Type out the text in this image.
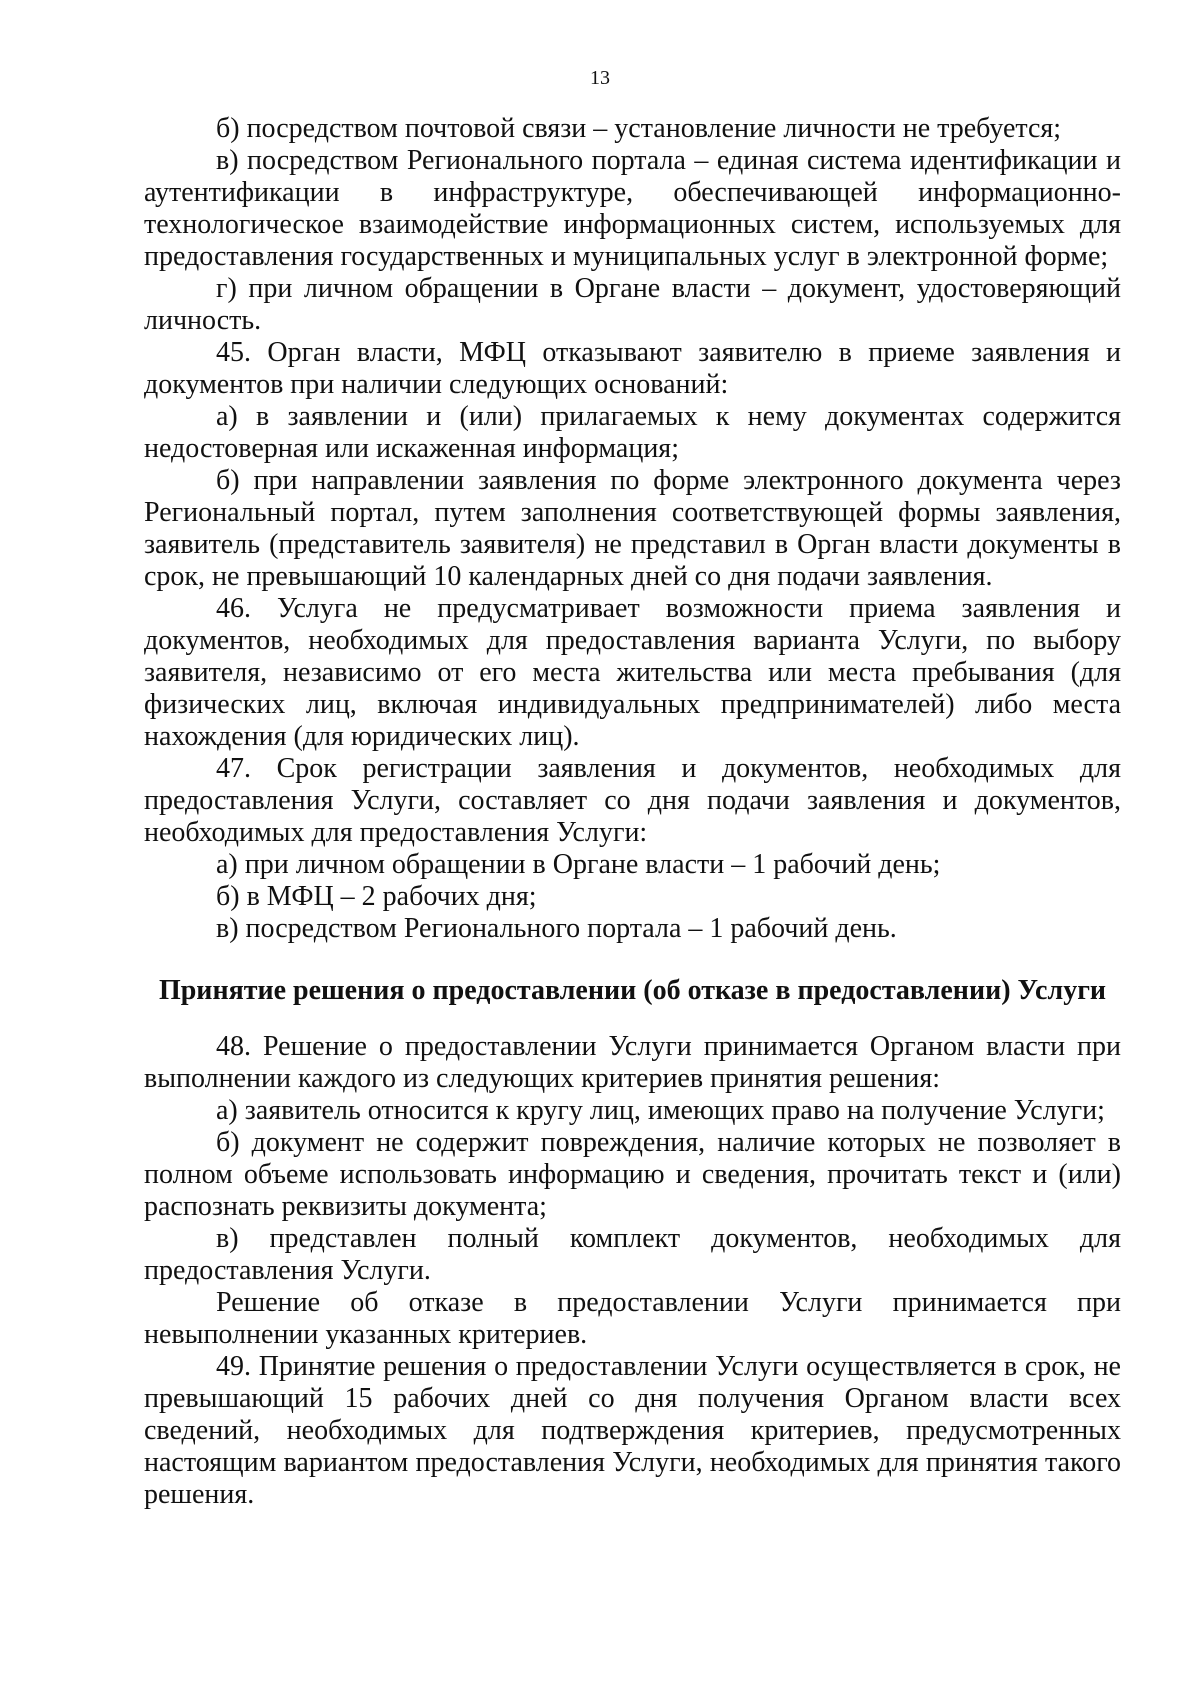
13

б) посредством почтовой связи – установление личности не требуется;

в) посредством Регионального портала – единая система идентификации и аутентификации в инфраструктуре, обеспечивающей информационно-технологическое взаимодействие информационных систем, используемых для предоставления государственных и муниципальных услуг в электронной форме;

г) при личном обращении в Органе власти – документ, удостоверяющий личность.

45. Орган власти, МФЦ отказывают заявителю в приеме заявления и документов при наличии следующих оснований:

а) в заявлении и (или) прилагаемых к нему документах содержится недостоверная или искаженная информация;

б) при направлении заявления по форме электронного документа через Региональный портал, путем заполнения соответствующей формы заявления, заявитель (представитель заявителя) не представил в Орган власти документы в срок, не превышающий 10 календарных дней со дня подачи заявления.

46. Услуга не предусматривает возможности приема заявления и документов, необходимых для предоставления варианта Услуги, по выбору заявителя, независимо от его места жительства или места пребывания (для физических лиц, включая индивидуальных предпринимателей) либо места нахождения (для юридических лиц).

47. Срок регистрации заявления и документов, необходимых для предоставления Услуги, составляет со дня подачи заявления и документов, необходимых для предоставления Услуги:

а) при личном обращении в Органе власти – 1 рабочий день;

б) в МФЦ – 2 рабочих дня;

в) посредством Регионального портала – 1 рабочий день.

Принятие решения о предоставлении (об отказе в предоставлении) Услуги

48. Решение о предоставлении Услуги принимается Органом власти при выполнении каждого из следующих критериев принятия решения:

а) заявитель относится к кругу лиц, имеющих право на получение Услуги;

б) документ не содержит повреждения, наличие которых не позволяет в полном объеме использовать информацию и сведения, прочитать текст и (или) распознать реквизиты документа;

в) представлен полный комплект документов, необходимых для предоставления Услуги.

Решение об отказе в предоставлении Услуги принимается при невыполнении указанных критериев.

49. Принятие решения о предоставлении Услуги осуществляется в срок, не превышающий 15 рабочих дней со дня получения Органом власти всех сведений, необходимых для подтверждения критериев, предусмотренных настоящим вариантом предоставления Услуги, необходимых для принятия такого решения.
